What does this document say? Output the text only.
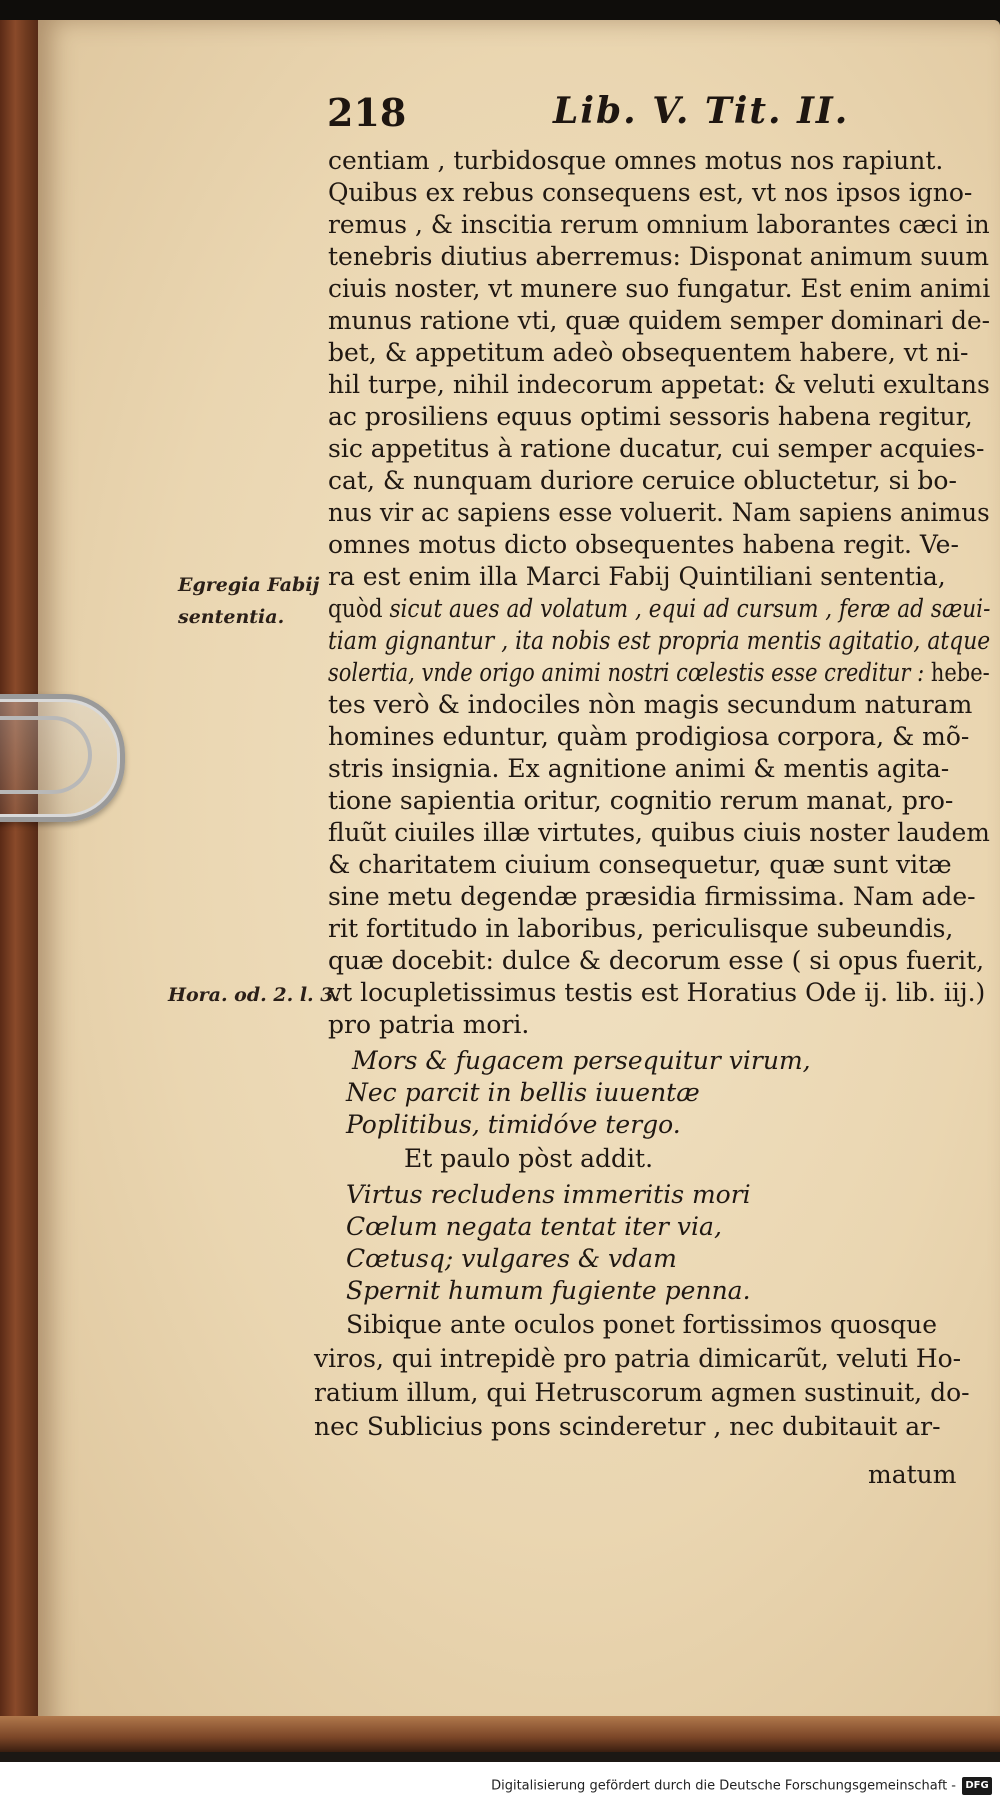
218	Lib. V. Tit. II.
centiam , turbidosque omnes motus nos rapiunt.
Quibus ex rebus consequens est, vt nos ipsos igno-
remus , & inscitia rerum omnium laborantes cæci in
tenebris diutius aberremus: Disponat animum suum
ciuis noster, vt munere suo fungatur. Est enim animi
munus ratione vti, quæ quidem semper dominari de-
bet, & appetitum adeò obsequentem habere, vt ni-
hil turpe, nihil indecorum appetat: & veluti exultans
ac prosiliens equus optimi sessoris habena regitur,
sic appetitus à ratione ducatur, cui semper acquies-
cat, & nunquam duriore ceruice obluctetur, si bo-
nus vir ac sapiens esse voluerit. Nam sapiens animus
omnes motus dicto obsequentes habena regit. Ve-
ra est enim illa Marci Fabij Quintiliani sententia,
quòd sicut aues ad volatum , equi ad cursum , feræ ad sæui-
tiam gignantur , ita nobis est propria mentis agitatio, atque
solertia, vnde origo animi nostri cœlestis esse creditur : hebe-
tes verò & indociles nòn magis secundum naturam
homines eduntur, quàm prodigiosa corpora, & mõ-
stris insignia. Ex agnitione animi & mentis agita-
tione sapientia oritur, cognitio rerum manat, pro-
fluũt ciuiles illæ virtutes, quibus ciuis noster laudem
& charitatem ciuium consequetur, quæ sunt vitæ
sine metu degendæ præsidia firmissima. Nam ade-
rit fortitudo in laboribus, periculisque subeundis,
quæ docebit: dulce & decorum esse ( si opus fuerit,
vt locupletissimus testis est Horatius Ode ij. lib. iij.)
pro patria mori.
Mors & fugacem persequitur virum,
Nec parcit in bellis iuuentæ
Poplitibus, timidóve tergo.
Et paulo pòst addit.
Virtus recludens immeritis mori
Cœlum negata tentat iter via,
Cœtusq; vulgares & vdam
Spernit humum fugiente penna.
Sibique ante oculos ponet fortissimos quosque
viros, qui intrepidè pro patria dimicarũt, veluti Ho-
ratium illum, qui Hetruscorum agmen sustinuit, do-
nec Sublicius pons scinderetur , nec dubitauit ar-
matum
Egregia Fabij
sententia.
Hora. od. 2. l. 3.
Digitalisierung gefördert durch die Deutsche Forschungsgemeinschaft - DFG
